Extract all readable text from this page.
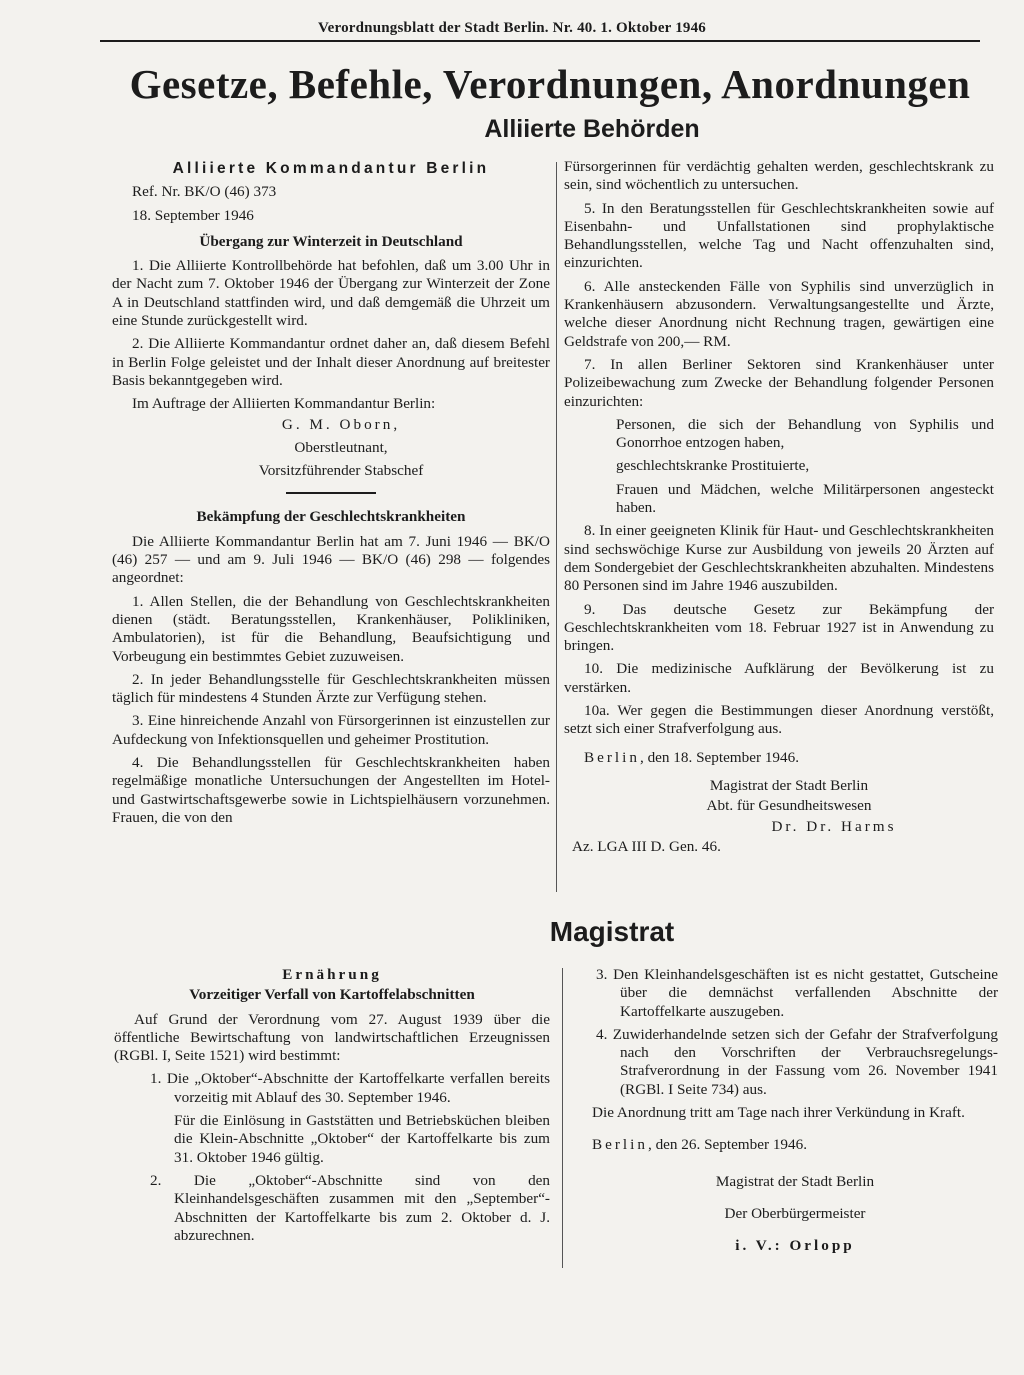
Verordnungsblatt der Stadt Berlin. Nr. 40. 1. Oktober 1946
Gesetze, Befehle, Verordnungen, Anordnungen
Alliierte Behörden

Alliierte Kommandantur Berlin

Ref. Nr. BK/O (46) 373

18. September 1946

Übergang zur Winterzeit in Deutschland

1. Die Alliierte Kontrollbehörde hat befohlen, daß um 3.00 Uhr in der Nacht zum 7. Oktober 1946 der Übergang zur Winterzeit der Zone A in Deutschland stattfinden wird, und daß demgemäß die Uhrzeit um eine Stunde zurückgestellt wird.

2. Die Alliierte Kommandantur ordnet daher an, daß diesem Befehl in Berlin Folge geleistet und der Inhalt dieser Anordnung auf breitester Basis bekanntgegeben wird.

Im Auftrage der Alliierten Kommandantur Berlin:

G. M. Oborn,

Oberstleutnant,

Vorsitzführender Stabschef

Bekämpfung der Geschlechtskrankheiten

Die Alliierte Kommandantur Berlin hat am 7. Juni 1946 — BK/O (46) 257 — und am 9. Juli 1946 — BK/O (46) 298 — folgendes angeordnet:

1. Allen Stellen, die der Behandlung von Geschlechtskrankheiten dienen (städt. Beratungsstellen, Krankenhäuser, Polikliniken, Ambulatorien), ist für die Behandlung, Beaufsichtigung und Vorbeugung ein bestimmtes Gebiet zuzuweisen.

2. In jeder Behandlungsstelle für Geschlechtskrankheiten müssen täglich für mindestens 4 Stunden Ärzte zur Verfügung stehen.

3. Eine hinreichende Anzahl von Fürsorgerinnen ist einzustellen zur Aufdeckung von Infektionsquellen und geheimer Prostitution.

4. Die Behandlungsstellen für Geschlechtskrankheiten haben regelmäßige monatliche Untersuchungen der Angestellten im Hotel- und Gastwirtschaftsgewerbe sowie in Lichtspielhäusern vorzunehmen. Frauen, die von den

Fürsorgerinnen für verdächtig gehalten werden, geschlechtskrank zu sein, sind wöchentlich zu untersuchen.

5. In den Beratungsstellen für Geschlechtskrankheiten sowie auf Eisenbahn- und Unfallstationen sind prophylaktische Behandlungsstellen, welche Tag und Nacht offenzuhalten sind, einzurichten.

6. Alle ansteckenden Fälle von Syphilis sind unverzüglich in Krankenhäusern abzusondern. Verwaltungsangestellte und Ärzte, welche dieser Anordnung nicht Rechnung tragen, gewärtigen eine Geldstrafe von 200,— RM.

7. In allen Berliner Sektoren sind Krankenhäuser unter Polizeibewachung zum Zwecke der Behandlung folgender Personen einzurichten:

Personen, die sich der Behandlung von Syphilis und Gonorrhoe entzogen haben,

geschlechtskranke Prostituierte,

Frauen und Mädchen, welche Militärpersonen angesteckt haben.

8. In einer geeigneten Klinik für Haut- und Geschlechtskrankheiten sind sechswöchige Kurse zur Ausbildung von jeweils 20 Ärzten auf dem Sondergebiet der Geschlechtskrankheiten abzuhalten. Mindestens 80 Personen sind im Jahre 1946 auszubilden.

9. Das deutsche Gesetz zur Bekämpfung der Geschlechtskrankheiten vom 18. Februar 1927 ist in Anwendung zu bringen.

10. Die medizinische Aufklärung der Bevölkerung ist zu verstärken.

10a. Wer gegen die Bestimmungen dieser Anordnung verstößt, setzt sich einer Strafverfolgung aus.

Berlin, den 18. September 1946.

Magistrat der Stadt Berlin

Abt. für Gesundheitswesen

Dr. Dr. Harms

Az. LGA III D. Gen. 46.

Magistrat
Ernährung
Vorzeitiger Verfall von Kartoffelabschnitten

Auf Grund der Verordnung vom 27. August 1939 über die öffentliche Bewirtschaftung von landwirtschaftlichen Erzeugnissen (RGBl. I, Seite 1521) wird bestimmt:

1. Die „Oktober“-Abschnitte der Kartoffelkarte verfallen bereits vorzeitig mit Ablauf des 30. September 1946.

Für die Einlösung in Gaststätten und Betriebsküchen bleiben die Klein-Abschnitte „Oktober“ der Kartoffelkarte bis zum 31. Oktober 1946 gültig.

2. Die „Oktober“-Abschnitte sind von den Kleinhandelsgeschäften zusammen mit den „September“-Abschnitten der Kartoffelkarte bis zum 2. Oktober d. J. abzurechnen.

3. Den Kleinhandelsgeschäften ist es nicht gestattet, Gutscheine über die demnächst verfallenden Abschnitte der Kartoffelkarte auszugeben.

4. Zuwiderhandelnde setzen sich der Gefahr der Strafverfolgung nach den Vorschriften der Verbrauchsregelungs-Strafverordnung in der Fassung vom 26. November 1941 (RGBl. I Seite 734) aus.

Die Anordnung tritt am Tage nach ihrer Verkündung in Kraft.

Berlin, den 26. September 1946.

Magistrat der Stadt Berlin

Der Oberbürgermeister

i. V.: Orlopp
